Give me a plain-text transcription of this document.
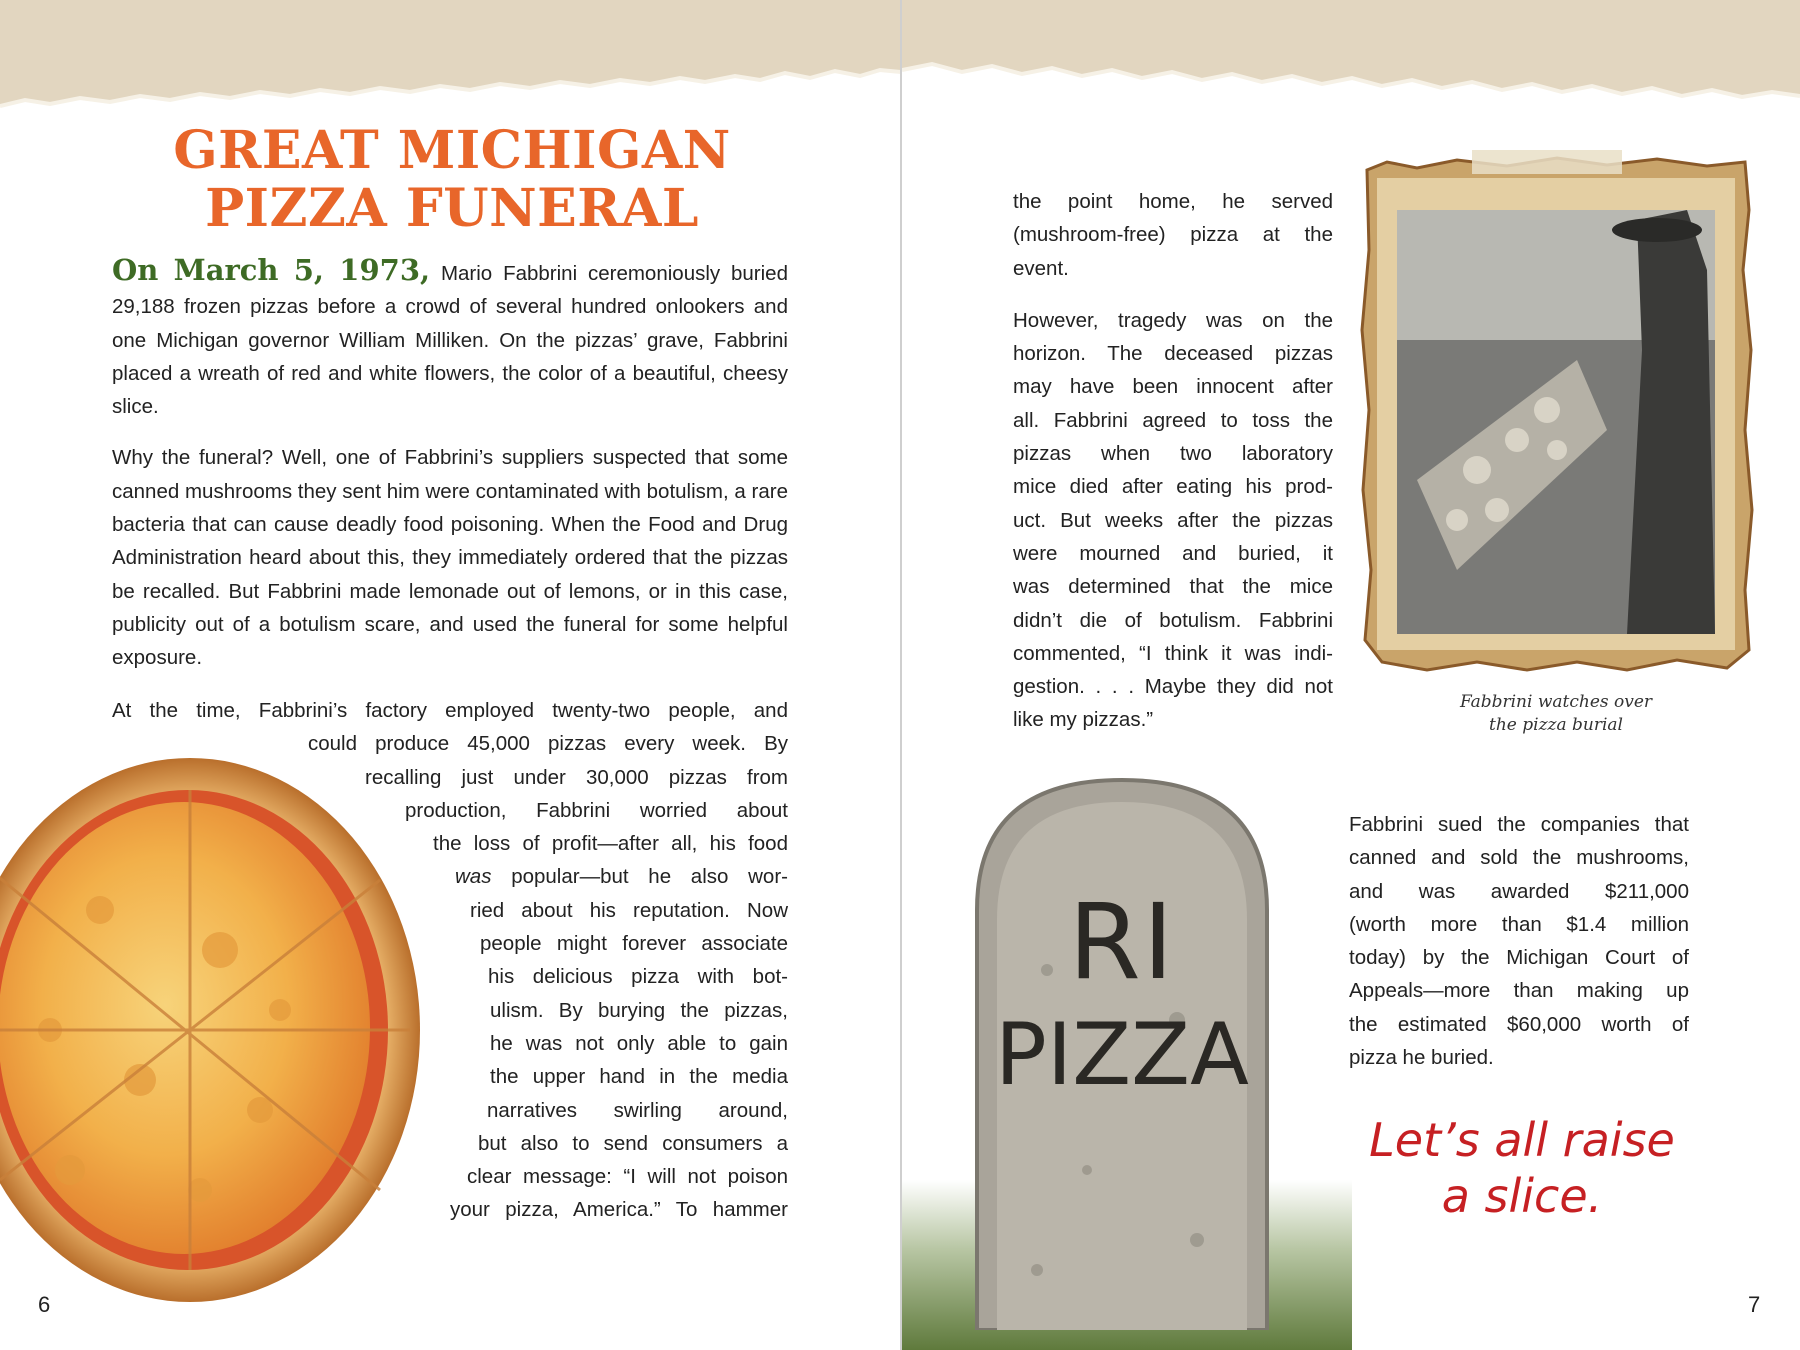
GREAT MICHIGAN
PIZZA FUNERAL

On March 5, 1973, Mario Fabbrini ceremoniously buried 29,188 frozen pizzas before a crowd of several hundred onlookers and one Michigan governor William Milliken. On the pizzas’ grave, Fabbrini placed a wreath of red and white flowers, the color of a beautiful, cheesy slice.

Why the funeral? Well, one of Fabbrini’s suppliers suspected that some canned mushrooms they sent him were contaminated with botulism, a rare bacteria that can cause deadly food poisoning. When the Food and Drug Administration heard about this, they immediately ordered that the pizzas be recalled. But Fabbrini made lemonade out of lemons, or in this case, publicity out of a botulism scare, and used the funeral for some helpful exposure.

At the time, Fabbrini’s factory employed twenty-two people, and
could produce 45,000 pizzas every week. By
recalling just under 30,000 pizzas from
production, Fabbrini worried about
the loss of profit—after all, his food
was popular—but he also wor-
ried about his reputation. Now
people might forever associate
his delicious pizza with bot-
ulism. By burying the pizzas,
he was not only able to gain
the upper hand in the media
narratives swirling around,
but also to send consumers a
clear message: “I will not poison
your pizza, America.” To hammer
6
the point home, he served
(mushroom-free) pizza at the
event.
However, tragedy was on the
horizon. The deceased pizzas
may have been innocent after
all. Fabbrini agreed to toss the
pizzas when two laboratory
mice died after eating his prod-
uct. But weeks after the pizzas
were mourned and buried, it
was determined that the mice
didn’t die of botulism. Fabbrini
commented, “I think it was indi-
gestion. . . . Maybe they did not
like my pizzas.”
Fabbrini watches over
the pizza burial
RI
PIZZA
Fabbrini sued the companies that
canned and sold the mushrooms,
and was awarded $211,000
(worth more than $1.4 million
today) by the Michigan Court of
Appeals—more than making up
the estimated $60,000 worth of
pizza he buried.
Let’s all raise
a slice.
7
